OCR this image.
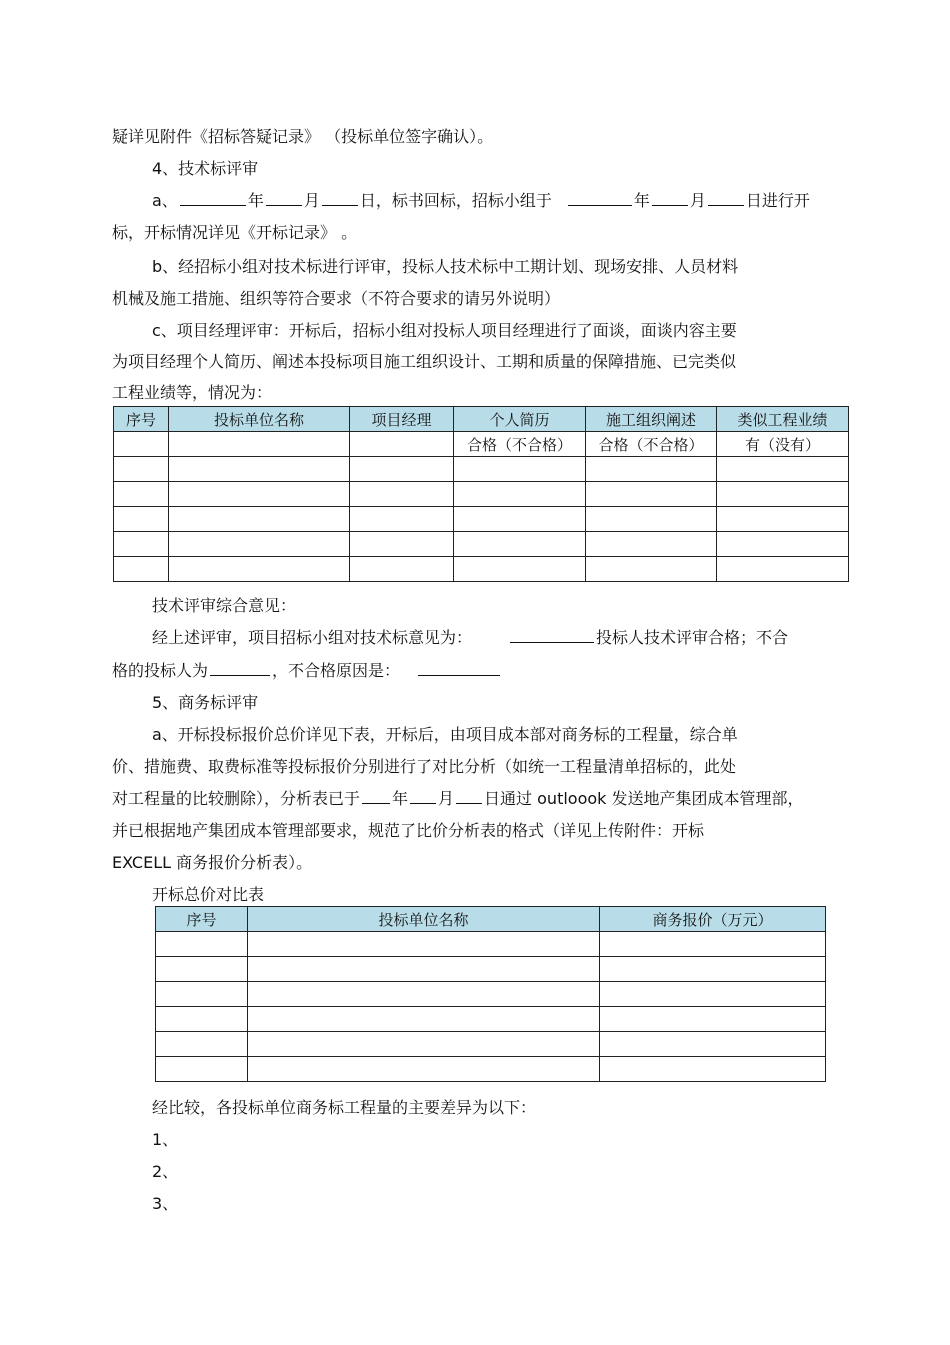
疑详见附件《招标答疑记录》 （投标单位签字确认）。
4、技术标评审
a、	年	月	日，标书回标，招标小组于	年	月	日进行开
标，开标情况详见《开标记录》 。
b、经招标小组对技术标进行评审，投标人技术标中工期计划、现场安排、人员材料
机械及施工措施、组织等符合要求（不符合要求的请另外说明）
c、项目经理评审：开标后，招标小组对投标人项目经理进行了面谈，面谈内容主要
为项目经理个人简历、阐述本投标项目施工组织设计、工期和质量的保障措施、已完类似
工程业绩等，情况为：
序号	投标单位名称	项目经理	个人简历	施工组织阐述	类似工程业绩
			合格（不合格）	合格（不合格）	有（没有）

技术评审综合意见：
经上述评审，项目招标小组对技术标意见为：	投标人技术评审合格；不合
格的投标人为	，不合格原因是：
5、商务标评审
a、开标投标报价总价详见下表，开标后，由项目成本部对商务标的工程量，综合单
价、措施费、取费标准等投标报价分别进行了对比分析（如统一工程量清单招标的，此处
对工程量的比较删除），分析表已于 年 月 日通过 outloook 发送地产集团成本管理部，
并已根据地产集团成本管理部要求，规范了比价分析表的格式（详见上传附件：开标
EXCELL 商务报价分析表）。
开标总价对比表
序号	投标单位名称	商务报价（万元）

经比较，各投标单位商务标工程量的主要差异为以下：
1、
2、
3、
